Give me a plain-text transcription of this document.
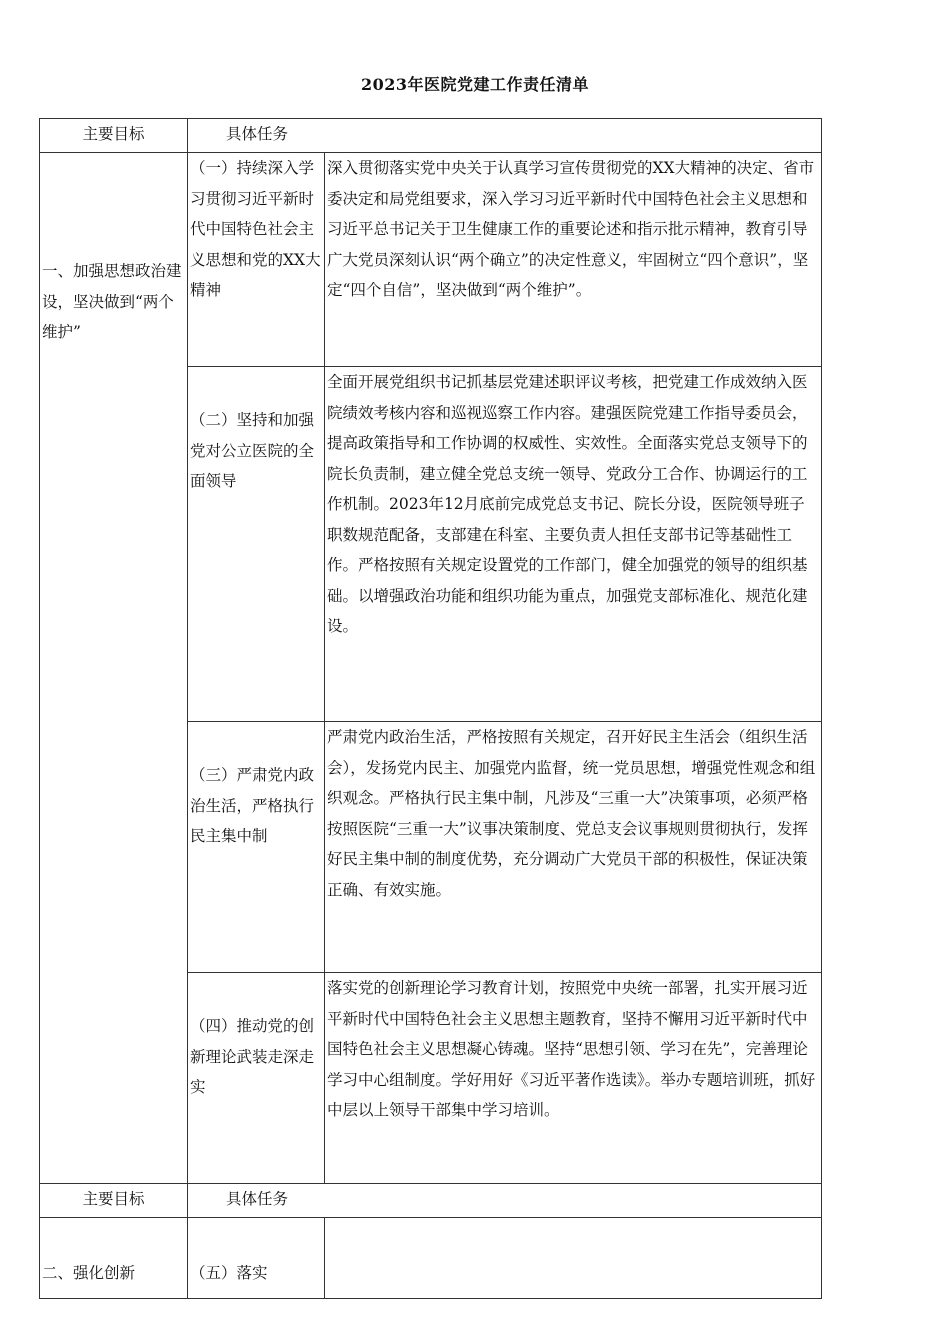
2023年医院党建工作责任清单
主要目标	具体任务	
一、加强思想政治建设，坚决做到“两个维护”	（一）持续深入学习贯彻习近平新时代中国特色社会主义思想和党的XX大精神	深入贯彻落实党中央关于认真学习宣传贯彻党的XX大精神的决定、省市委决定和局党组要求，深入学习习近平新时代中国特色社会主义思想和习近平总书记关于卫生健康工作的重要论述和指示批示精神，教育引导广大党员深刻认识“两个确立”的决定性意义，牢固树立“四个意识”，坚定“四个自信”，坚决做到“两个维护”。
	（二）坚持和加强党对公立医院的全面领导	全面开展党组织书记抓基层党建述职评议考核，把党建工作成效纳入医院绩效考核内容和巡视巡察工作内容。建强医院党建工作指导委员会，提高政策指导和工作协调的权威性、实效性。全面落实党总支领导下的院长负责制，建立健全党总支统一领导、党政分工合作、协调运行的工作机制。2023年12月底前完成党总支书记、院长分设，医院领导班子职数规范配备，支部建在科室、主要负责人担任支部书记等基础性工作。严格按照有关规定设置党的工作部门，健全加强党的领导的组织基础。以增强政治功能和组织功能为重点，加强党支部标准化、规范化建设。
	（三）严肃党内政治生活，严格执行民主集中制	严肃党内政治生活，严格按照有关规定，召开好民主生活会（组织生活会），发扬党内民主、加强党内监督，统一党员思想，增强党性观念和组织观念。严格执行民主集中制，凡涉及“三重一大”决策事项，必须严格按照医院“三重一大”议事决策制度、党总支会议事规则贯彻执行，发挥好民主集中制的制度优势，充分调动广大党员干部的积极性，保证决策正确、有效实施。
	（四）推动党的创新理论武装走深走实	落实党的创新理论学习教育计划，按照党中央统一部署，扎实开展习近平新时代中国特色社会主义思想主题教育，坚持不懈用习近平新时代中国特色社会主义思想凝心铸魂。坚持“思想引领、学习在先”，完善理论学习中心组制度。学好用好《习近平著作选读》。举办专题培训班，抓好中层以上领导干部集中学习培训。
主要目标	具体任务	
二、强化创新	（五）落实	
